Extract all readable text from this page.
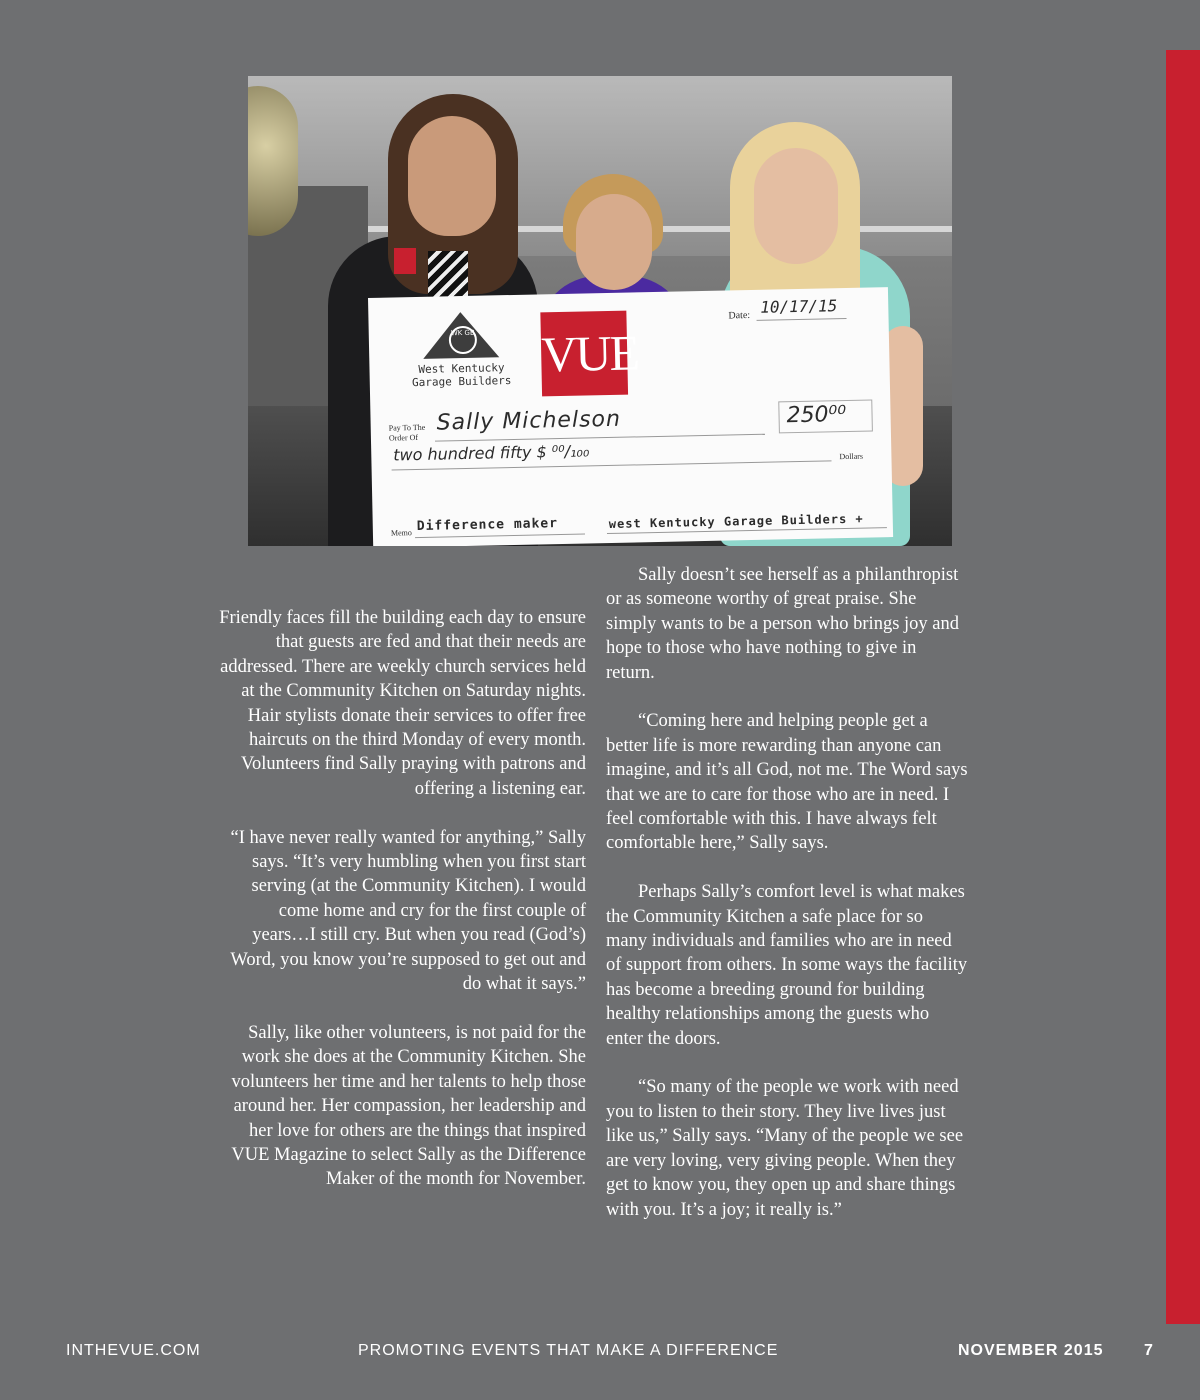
WK GB
West Kentucky
Garage Builders VUE
Date: 10/17/15
Pay To The Order Of
Sally Michelson	250⁰⁰
two hundred fifty $ ⁰⁰/₁₀₀	Dollars
Memo Difference maker	west Kentucky Garage Builders +

Friendly faces fill the building each day to ensure that guests are fed and that their needs are addressed. There are weekly church services held at the Community Kitchen on Saturday nights. Hair stylists donate their services to offer free haircuts on the third Monday of every month. Volunteers find Sally praying with patrons and offering a listening ear.

“I have never really wanted for anything,” Sally says. “It’s very humbling when you first start serving (at the Community Kitchen). I would come home and cry for the first couple of years…I still cry. But when you read (God’s) Word, you know you’re supposed to get out and do what it says.”

Sally, like other volunteers, is not paid for the work she does at the Community Kitchen. She volunteers her time and her talents to help those around her. Her compassion, her leadership and her love for others are the things that inspired VUE Magazine to select Sally as the Difference Maker of the month for November.

Sally doesn’t see herself as a philanthropist or as someone worthy of great praise. She simply wants to be a person who brings joy and hope to those who have nothing to give in return.

“Coming here and helping people get a better life is more rewarding than anyone can imagine, and it’s all God, not me. The Word says that we are to care for those who are in need. I feel comfortable with this. I have always felt comfortable here,” Sally says.

Perhaps Sally’s comfort level is what makes the Community Kitchen a safe place for so many individuals and families who are in need of support from others. In some ways the facility has become a breeding ground for building healthy relationships among the guests who enter the doors.

“So many of the people we work with need you to listen to their story. They live lives just like us,” Sally says. “Many of the people we see are very loving, very giving people. When they get to know you, they open up and share things with you. It’s a joy; it really is.”

INTHEVUE.COM	PROMOTING EVENTS THAT MAKE A DIFFERENCE	NOVEMBER 2015	7
